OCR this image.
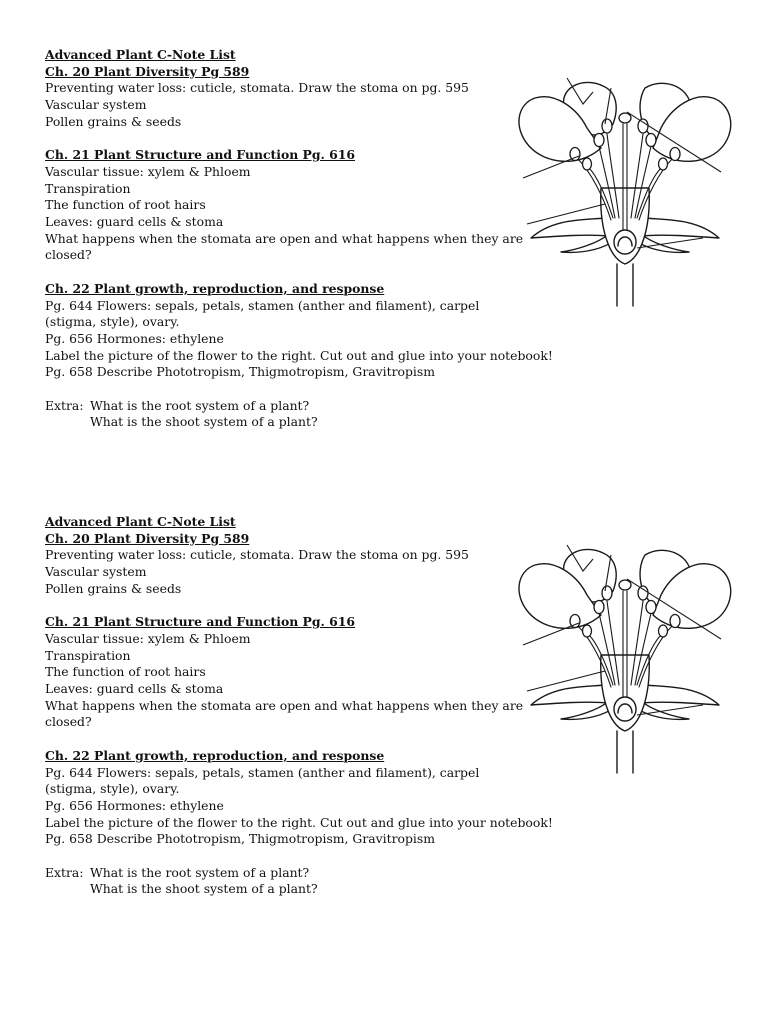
Advanced Plant C-Note List

Ch. 20 Plant Diversity Pg 589

Preventing water loss: cuticle, stomata. Draw the stoma on pg. 595

Vascular system

Pollen grains & seeds

Ch. 21 Plant Structure and Function Pg. 616

Vascular tissue: xylem & Phloem

Transpiration

The function of root hairs

Leaves: guard cells & stoma

What happens when the stomata are open and what happens when they are closed?

Ch. 22 Plant growth, reproduction, and response

Pg. 644 Flowers: sepals, petals, stamen (anther and filament), carpel (stigma, style), ovary.

Pg. 656 Hormones: ethylene

Label the picture of the flower to the right. Cut out and glue into your notebook!

Pg. 658 Describe Phototropism, Thigmotropism, Gravitropism

Extra: What is the root system of a plant?

What is the shoot system of a plant?

Advanced Plant C-Note List

Ch. 20 Plant Diversity Pg 589

Preventing water loss: cuticle, stomata. Draw the stoma on pg. 595

Vascular system

Pollen grains & seeds

Ch. 21 Plant Structure and Function Pg. 616

Vascular tissue: xylem & Phloem

Transpiration

The function of root hairs

Leaves: guard cells & stoma

What happens when the stomata are open and what happens when they are closed?

Ch. 22 Plant growth, reproduction, and response

Pg. 644 Flowers: sepals, petals, stamen (anther and filament), carpel (stigma, style), ovary.

Pg. 656 Hormones: ethylene

Label the picture of the flower to the right. Cut out and glue into your notebook!

Pg. 658 Describe Phototropism, Thigmotropism, Gravitropism

Extra: What is the root system of a plant?

What is the shoot system of a plant?
